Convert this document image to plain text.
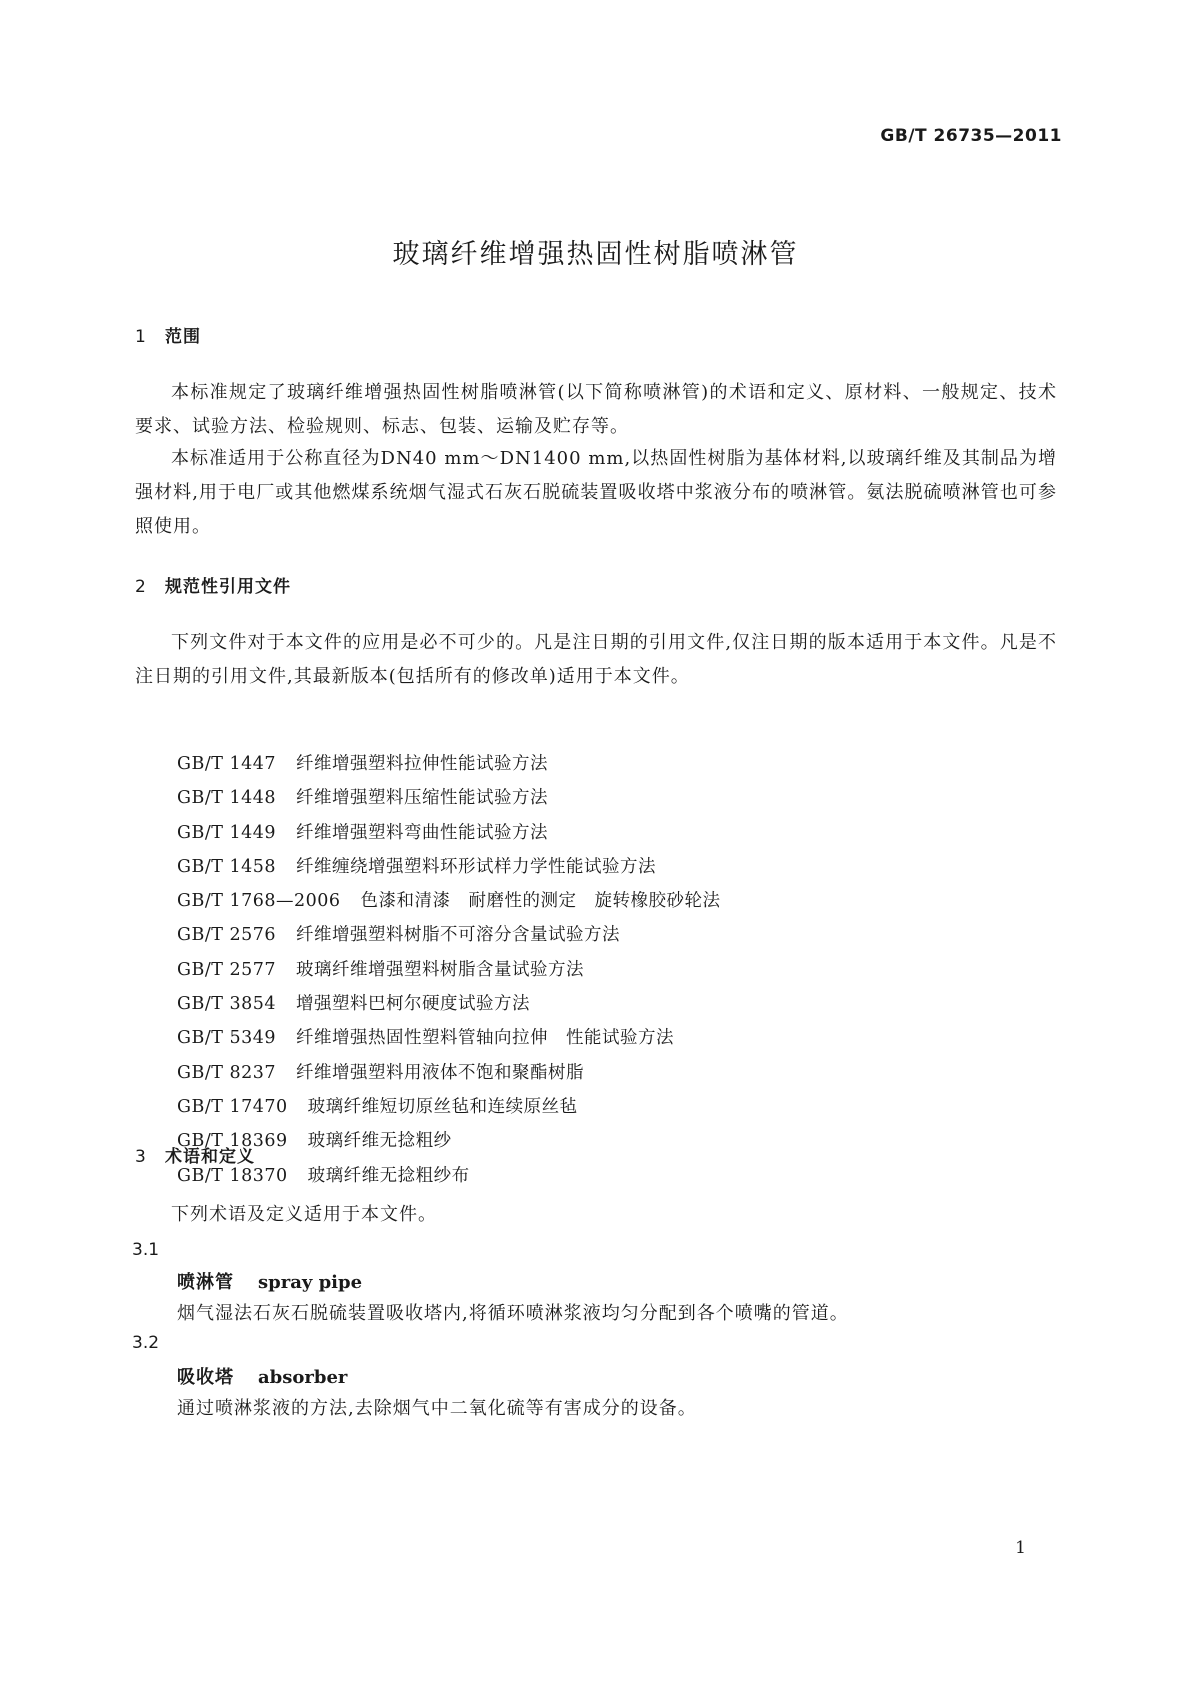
GB/T 26735—2011
玻璃纤维增强热固性树脂喷淋管
1 范围
本标准规定了玻璃纤维增强热固性树脂喷淋管(以下简称喷淋管)的术语和定义、原材料、一般规定、技术要求、试验方法、检验规则、标志、包装、运输及贮存等。
本标准适用于公称直径为DN40 mm～DN1400 mm,以热固性树脂为基体材料,以玻璃纤维及其制品为增强材料,用于电厂或其他燃煤系统烟气湿式石灰石脱硫装置吸收塔中浆液分布的喷淋管。氨法脱硫喷淋管也可参照使用。
2 规范性引用文件
下列文件对于本文件的应用是必不可少的。凡是注日期的引用文件,仅注日期的版本适用于本文件。凡是不注日期的引用文件,其最新版本(包括所有的修改单)适用于本文件。
GB/T 1447 纤维增强塑料拉伸性能试验方法
GB/T 1448 纤维增强塑料压缩性能试验方法
GB/T 1449 纤维增强塑料弯曲性能试验方法
GB/T 1458 纤维缠绕增强塑料环形试样力学性能试验方法
GB/T 1768—2006 色漆和清漆　耐磨性的测定　旋转橡胶砂轮法
GB/T 2576 纤维增强塑料树脂不可溶分含量试验方法
GB/T 2577 玻璃纤维增强塑料树脂含量试验方法
GB/T 3854 增强塑料巴柯尔硬度试验方法
GB/T 5349 纤维增强热固性塑料管轴向拉伸　性能试验方法
GB/T 8237 纤维增强塑料用液体不饱和聚酯树脂
GB/T 17470 玻璃纤维短切原丝毡和连续原丝毡
GB/T 18369 玻璃纤维无捻粗纱
GB/T 18370 玻璃纤维无捻粗纱布
3 术语和定义
下列术语及定义适用于本文件。
3.1
喷淋管 spray pipe
烟气湿法石灰石脱硫装置吸收塔内,将循环喷淋浆液均匀分配到各个喷嘴的管道。
3.2
吸收塔 absorber
通过喷淋浆液的方法,去除烟气中二氧化硫等有害成分的设备。
1
